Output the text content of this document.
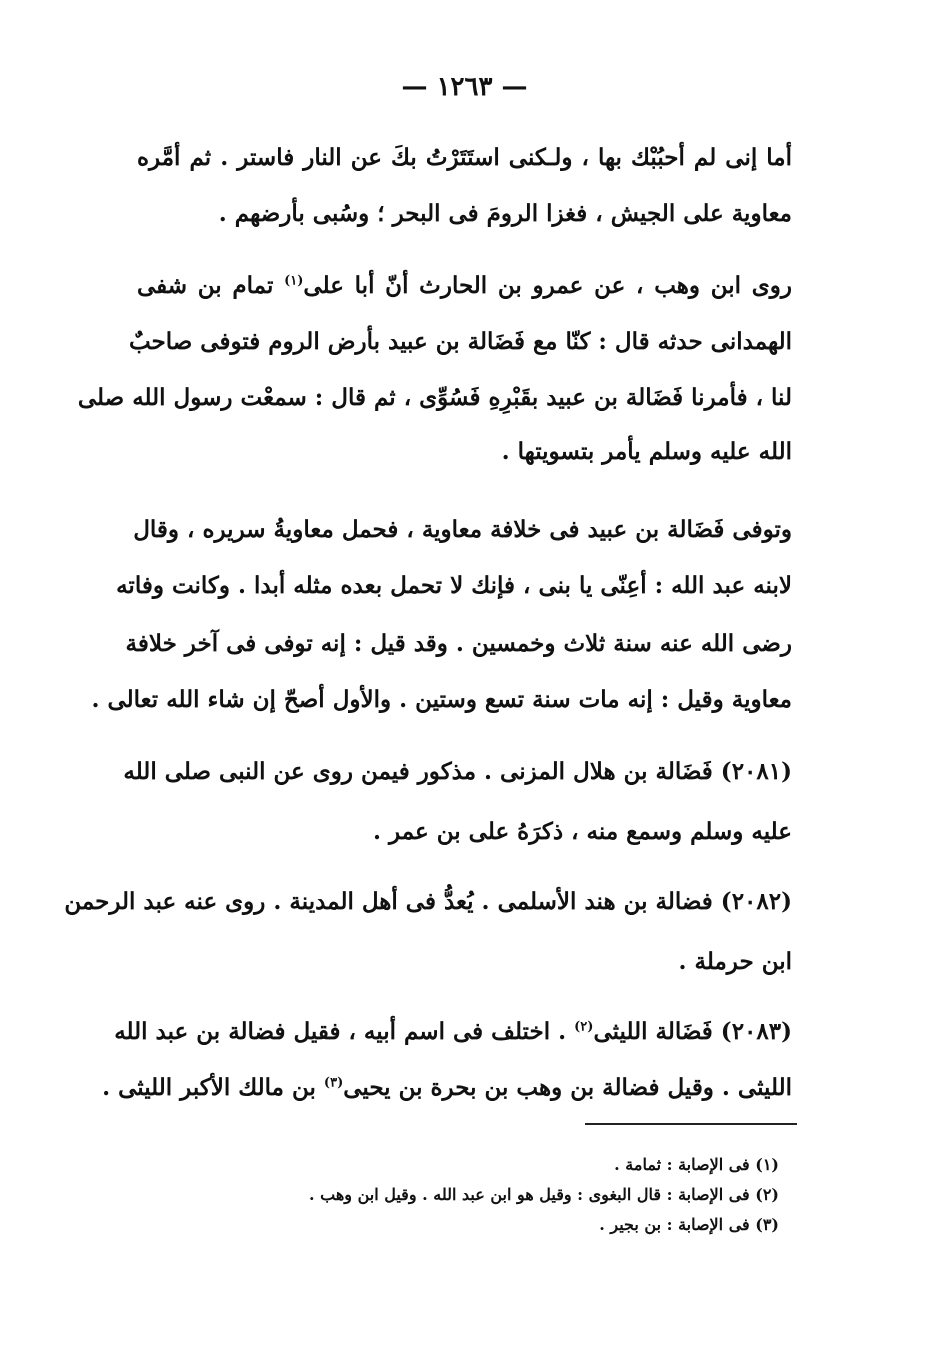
— ١٢٦٣ —
أما إنى لم أحبُبْك بها ، ولـكنى استَتَرْتُ بكَ عن النار فاستر . ثم أمَّره
معاوية على الجيش ، فغزا الرومَ فى البحر ؛ وسُبى بأرضهم .
روى ابن وهب ، عن عمرو بن الحارث أنّ أبا على$^{(١)}$ تمام بن شفى
الهمدانى حدثه قال : كنّا مع فَضَالة بن عبيد بأرض الروم فتوفى صاحبٌ
لنا ، فأمرنا فَضَالة بن عبيد بقَبْرِهِ فَسُوِّى ، ثم قال : سمعْت رسول الله صلى
الله عليه وسلم يأمر بتسويتها .
وتوفى فَضَالة بن عبيد فى خلافة معاوية ، فحمل معاويةُ سريره ، وقال
لابنه عبد الله : أعِنّى يا بنى ، فإنك لا تحمل بعده مثله أبدا . وكانت وفاته
رضى الله عنه سنة ثلاث وخمسين . وقد قيل : إنه توفى فى آخر خلافة
معاوية وقيل : إنه مات سنة تسع وستين . والأول أصحّ إن شاء الله تعالى .
(٢٠٨١) فَضَالة بن هلال المزنى . مذكور فيمن روى عن النبى صلى الله
عليه وسلم وسمع منه ، ذكرَهُ على بن عمر .
(٢٠٨٢) فضالة بن هند الأسلمى . يُعدُّ فى أهل المدينة . روى عنه عبد الرحمن
ابن حرملة .
(٢٠٨٣) فَضَالة الليثى$^{(٢)}$ . اختلف فى اسم أبيه ، فقيل فضالة بن عبد الله
الليثى . وقيل فضالة بن وهب بن بحرة بن يحيى$^{(٣)}$ بن مالك الأكبر الليثى .
(١) فى الإصابة : ثمامة .
(٢) فى الإصابة : قال البغوى : وقيل هو ابن عبد الله . وقيل ابن وهب .
(٣) فى الإصابة : بن بجير .
